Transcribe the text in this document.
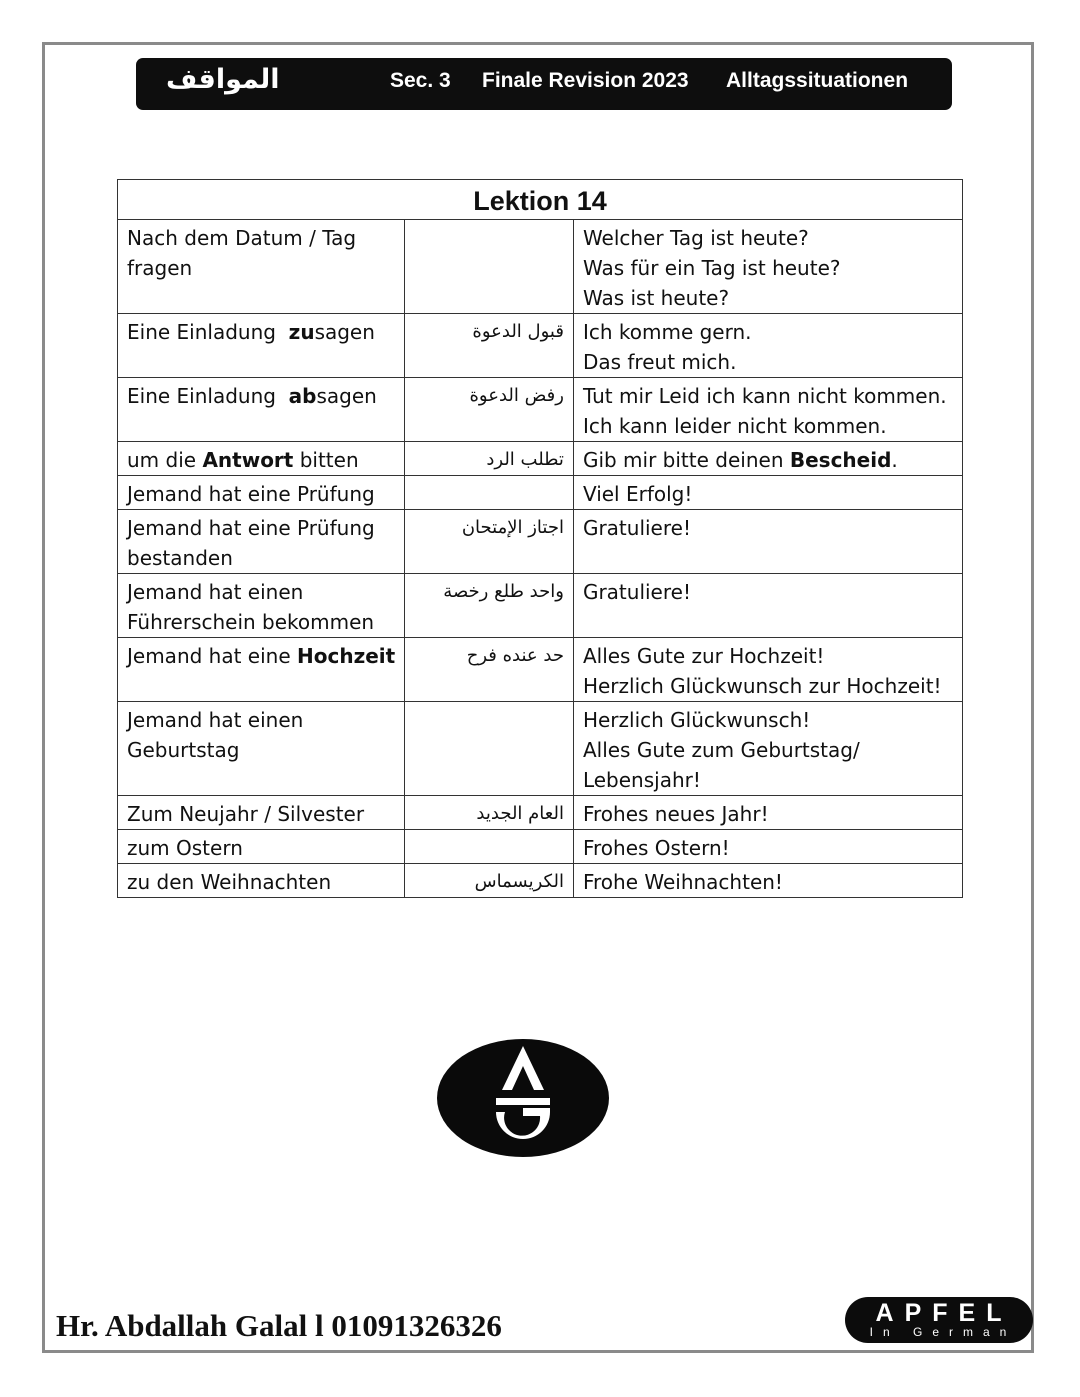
المواقف	Sec. 3 Finale Revision 2023 Alltagssituationen
Lektion 14		

Nach dem Datum / Tag
fragen		Welcher Tag ist heute?
Was für ein Tag ist heute?
Was ist heute?

Eine Einladung  zusagen	قبول الدعوة	Ich komme gern.
Das freut mich.

Eine Einladung  absagen	رفض الدعوة	Tut mir Leid ich kann nicht kommen.
Ich kann leider nicht kommen.

um die Antwort bitten	تطلب الرد	Gib mir bitte deinen Bescheid.

Jemand hat eine Prüfung		Viel Erfolg!

Jemand hat eine Prüfung
bestanden	اجتاز الإمتحان	Gratuliere!

Jemand hat einen
Führerschein bekommen	واحد طلع رخصة	Gratuliere!

Jemand hat eine Hochzeit	حد عنده فرح	Alles Gute zur Hochzeit!
Herzlich Glückwunsch zur Hochzeit!

Jemand hat einen
Geburtstag		Herzlich Glückwunsch!
Alles Gute zum Geburtstag/
Lebensjahr!

Zum Neujahr / Silvester	العام الجديد	Frohes neues Jahr!

zum Ostern		Frohes Ostern!

zu den Weihnachten	الكريسماس	Frohe Weihnachten!
Hr. Abdallah Galal l 01091326326	APFEL
In German
